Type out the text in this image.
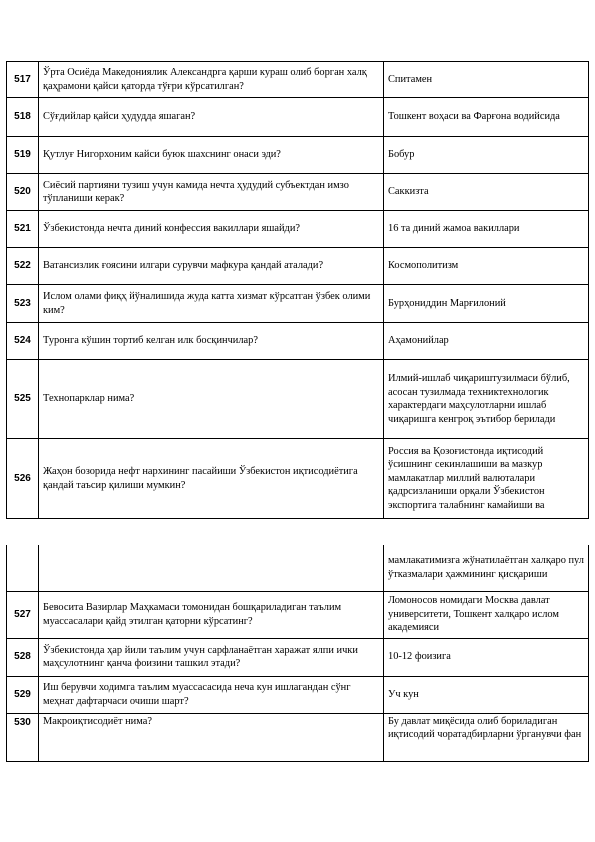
517	Ўрта Осиёда Македониялик Александрга қарши кураш олиб борган халқ қаҳрамони қайси қаторда тўғри кўрсатилган?	Спитамен
518	Сўғдийлар қайси ҳудудда яшаган?	Тошкент воҳаси ва Фарғона водийсида
519	Қутлуғ Нигорхоним кайси буюк шахснинг онаси эди?	Бобур
520	Сиёсий партияни тузиш учун камида нечта ҳудудий субъектдан имзо тўпланиши керак?	Саккизта
521	Ўзбекистонда нечта диний конфессия вакиллари яшайди?	16 та диний жамоа вакиллари
522	Ватансизлик ғоясини илгари сурувчи мафкура қандай аталади?	Космополитизм
523	Ислом олами фиқҳ йўналишида жуда катта хизмат кўрсатган ўзбек олими ким?	Бурҳониддин Марғилоний
524	Туронга кўшин тортиб келган илк босқинчилар?	Аҳамонийлар
525	Технопарклар нима?	Илмий-ишлаб чиқариштузилмаси бўлиб, асосан тузилмада техниктехнологик характердаги маҳсулотларни ишлаб чиқаришга кенгроқ эътибор берилади
526	Жаҳон бозорида нефт нархининг пасайиши Ўзбекистон иқтисодиётига қандай таъсир қилиши мумкин?	Россия ва Қозоғистонда иқтисодий ўсишнинг секинлашиши ва мазкур мамлакатлар миллий валюталари қадрсизланиши орқали Ўзбекистон экспортига талабнинг камайиши ва
		мамлакатимизга жўнатилаётган халқаро пул ўтказмалари ҳажмининг қисқариши
527	Бевосита Вазирлар Маҳкамаси томонидан бошқариладиган таълим муассасалари қайд этилган қаторни кўрсатинг?	Ломоносов номидаги Москва давлат университети, Тошкент халқаро ислом академияси
528	Ўзбекистонда ҳар йили таълим учун сарфланаётган харажат ялпи ички маҳсулотнинг қанча фоизини ташкил этади?	10-12 фоизига
529	Иш берувчи ходимга таълим муассасасида неча кун ишлагандан сўнг меҳнат дафтарчаси очиши шарт?	Уч кун
530	Макроиқтисодиёт нима?	Бу давлат миқёсида олиб бориладиган иқтисодий чоратадбирларни ўрганувчи фан
